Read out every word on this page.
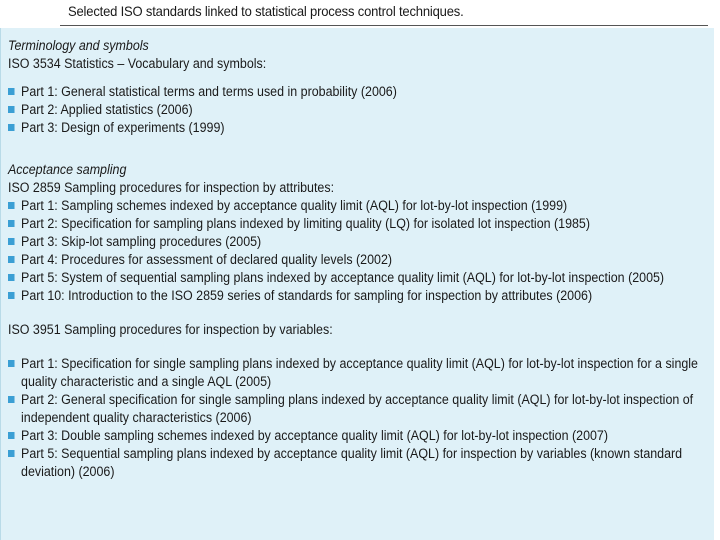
Selected ISO standards linked to statistical process control techniques.
Terminology and symbols
ISO 3534 Statistics – Vocabulary and symbols:
Part 1: General statistical terms and terms used in probability (2006)
Part 2: Applied statistics (2006)
Part 3: Design of experiments (1999)
Acceptance sampling
ISO 2859 Sampling procedures for inspection by attributes:
Part 1: Sampling schemes indexed by acceptance quality limit (AQL) for lot-by-lot inspection (1999)
Part 2: Specification for sampling plans indexed by limiting quality (LQ) for isolated lot inspection (1985)
Part 3: Skip-lot sampling procedures (2005)
Part 4: Procedures for assessment of declared quality levels (2002)
Part 5: System of sequential sampling plans indexed by acceptance quality limit (AQL) for lot-by-lot inspection (2005)
Part 10: Introduction to the ISO 2859 series of standards for sampling for inspection by attributes (2006)
ISO 3951 Sampling procedures for inspection by variables:
Part 1: Specification for single sampling plans indexed by acceptance quality limit (AQL) for lot-by-lot inspection for a single quality characteristic and a single AQL (2005)
Part 2: General specification for single sampling plans indexed by acceptance quality limit (AQL) for lot-by-lot inspection of independent quality characteristics (2006)
Part 3: Double sampling schemes indexed by acceptance quality limit (AQL) for lot-by-lot inspection (2007)
Part 5: Sequential sampling plans indexed by acceptance quality limit (AQL) for inspection by variables (known standard deviation) (2006)
